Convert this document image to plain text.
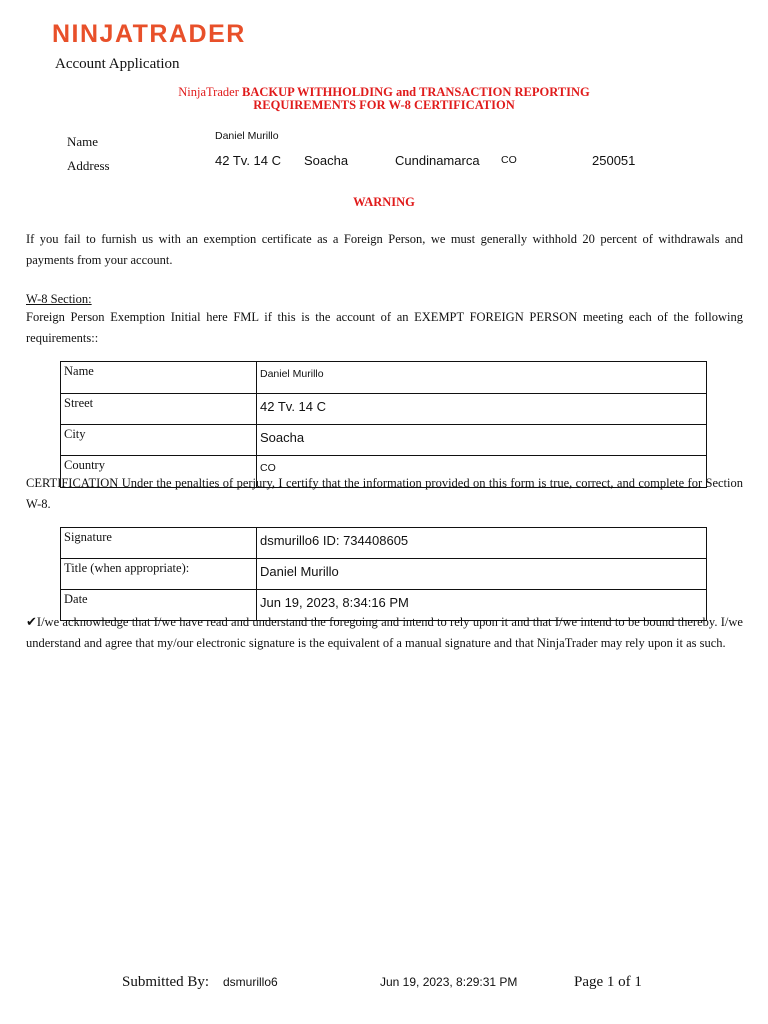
NINJATRADER
Account Application
NinjaTrader BACKUP WITHHOLDING and TRANSACTION REPORTING
REQUIREMENTS FOR W-8 CERTIFICATION
Name	Daniel Murillo
Address	42 Tv. 14 C Soacha	Cundinamarca CO	250051
WARNING
If you fail to furnish us with an exemption certificate as a Foreign Person, we must generally withhold 20 percent of withdrawals and payments from your account.
W-8 Section:
Foreign Person Exemption Initial here FML if this is the account of an EXEMPT FOREIGN PERSON meeting each of the following requirements::
Name	Daniel Murillo
Street	42 Tv. 14 C
City	Soacha
Country	CO
CERTIFICATION Under the penalties of perjury, I certify that the information provided on this form is true, correct, and complete for Section W-8.
Signature	dsmurillo6 ID: 734408605
Title (when appropriate):	Daniel Murillo
Date	Jun 19, 2023, 8:34:16 PM
✔I/we acknowledge that I/we have read and understand the foregoing and intend to rely upon it and that I/we intend to be bound thereby. I/we understand and agree that my/our electronic signature is the equivalent of a manual signature and that NinjaTrader may rely upon it as such.
Submitted By: dsmurillo6	Jun 19, 2023, 8:29:31 PM	Page 1 of 1
